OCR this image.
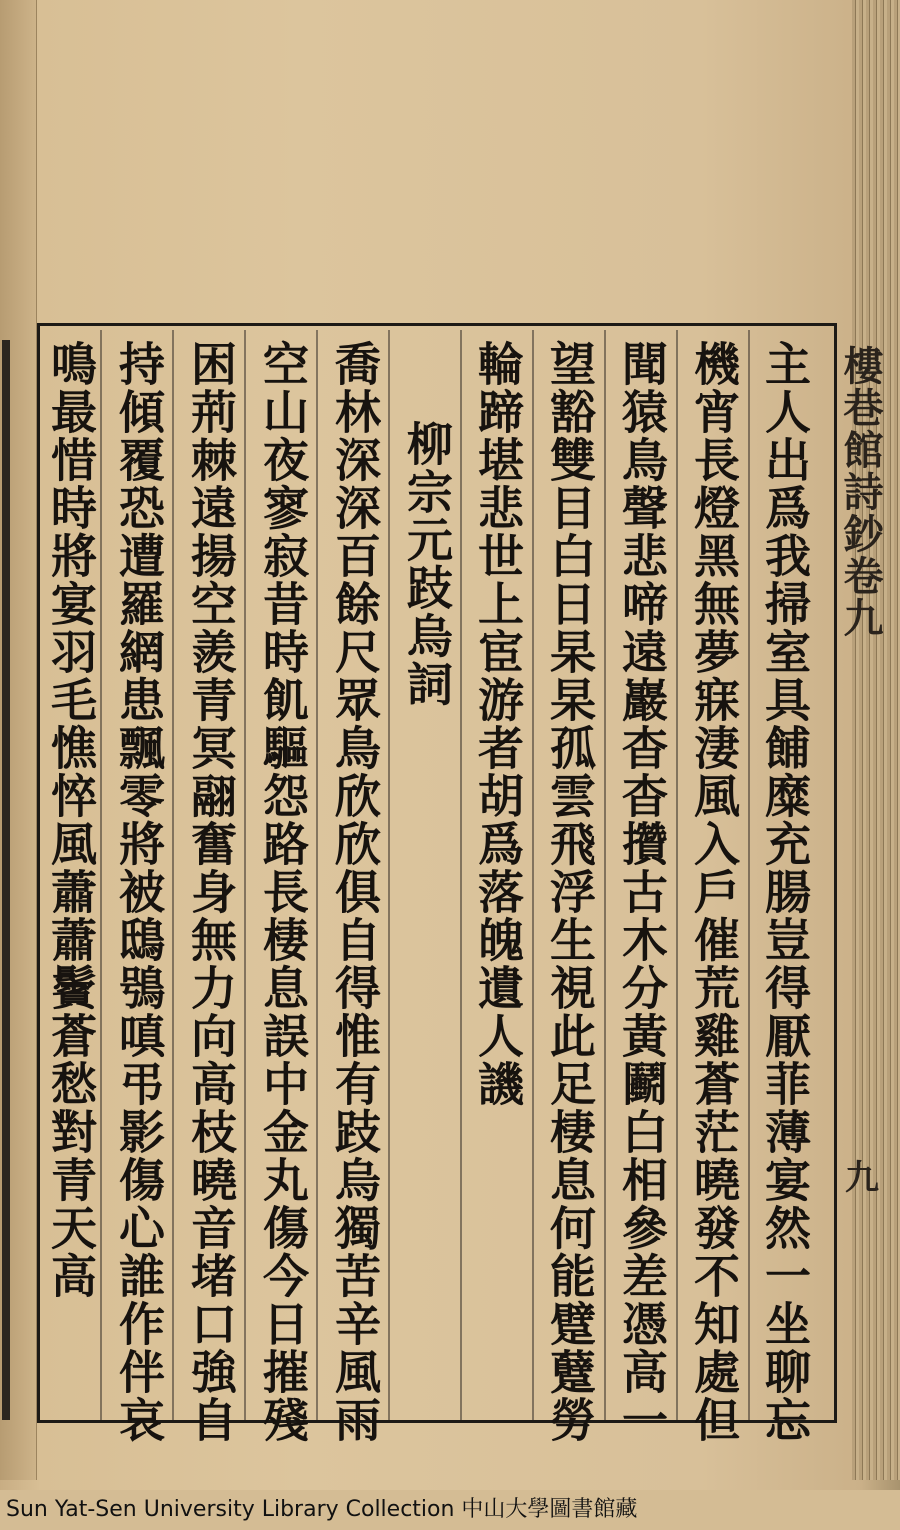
樓巷館詩鈔卷九
九
主人出爲我掃室具餔糜充腸豈得厭菲薄宴然一坐聊忘
機宵長燈黑無夢寐淒風入戶催荒雞蒼茫曉發不知處但
聞猿鳥聲悲啼遠巖杳杳攢古木分黃鬬白相參差憑高一
望豁雙目白日杲杲孤雲飛浮生視此足棲息何能躄躠勞
輪蹄堪悲世上宦游者胡爲落魄遺人譏
柳宗元跂烏詞
喬林深深百餘尺眾鳥欣欣俱自得惟有跂烏獨苦辛風雨
空山夜寥寂昔時飢驅怨路長棲息誤中金丸傷今日摧殘
困荊棘遠揚空羨青冥翮奮身無力向高枝曉音堵口強自
持傾覆恐遭羅網患飄零將被鴟鴞嗔弔影傷心誰作伴哀
鳴最惜時將宴羽毛憔悴風蕭蕭鬢蒼愁對青天高
Sun Yat-Sen University Library Collection 中山大學圖書館藏
